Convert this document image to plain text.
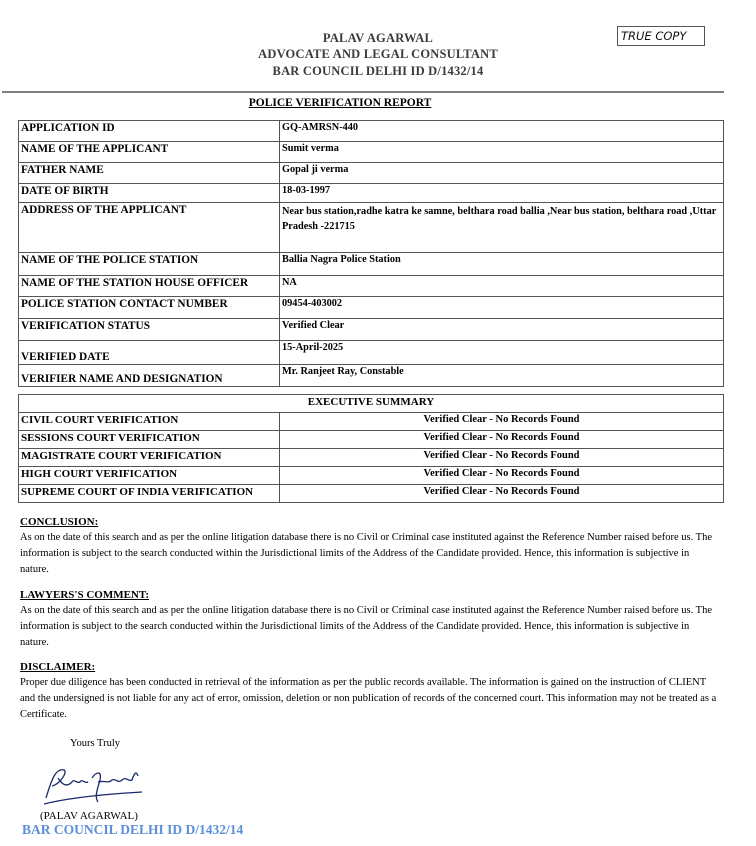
PALAV AGARWAL
ADVOCATE AND LEGAL CONSULTANT
BAR COUNCIL DELHI ID D/1432/14
TRUE COPY
POLICE VERIFICATION REPORT
APPLICATION ID	GQ-AMRSN-440
NAME OF THE APPLICANT	Sumit verma
FATHER NAME	Gopal ji verma
DATE OF BIRTH	18-03-1997
ADDRESS OF THE APPLICANT	Near bus station,radhe katra ke samne, belthara road ballia ,Near bus station, belthara road ,Uttar Pradesh -221715
NAME OF THE POLICE STATION	Ballia Nagra Police Station
NAME OF THE STATION HOUSE OFFICER	NA
POLICE STATION CONTACT NUMBER	09454-403002
VERIFICATION STATUS	Verified Clear
VERIFIED DATE	15-April-2025
VERIFIER NAME AND DESIGNATION	Mr. Ranjeet Ray, Constable
EXECUTIVE SUMMARY	
CIVIL COURT VERIFICATION	Verified Clear - No Records Found
SESSIONS COURT VERIFICATION	Verified Clear - No Records Found
MAGISTRATE COURT VERIFICATION	Verified Clear - No Records Found
HIGH COURT VERIFICATION	Verified Clear - No Records Found
SUPREME COURT OF INDIA VERIFICATION	Verified Clear - No Records Found
CONCLUSION:
As on the date of this search and as per the online litigation database there is no Civil or Criminal case instituted against the Reference Number raised before us. The information is subject to the search conducted within the Jurisdictional limits of the Address of the Candidate provided. Hence, this information is subjective in nature.
LAWYERS'S COMMENT:
As on the date of this search and as per the online litigation database there is no Civil or Criminal case instituted against the Reference Number raised before us. The information is subject to the search conducted within the Jurisdictional limits of the Address of the Candidate provided. Hence, this information is subjective in nature.
DISCLAIMER:
Proper due diligence has been conducted in retrieval of the information as per the public records available. The information is gained on the instruction of CLIENT and the undersigned is not liable for any act of error, omission, deletion or non publication of records of the concerned court. This information may not be treated as a Certificate.
Yours Truly
(PALAV AGARWAL)
BAR COUNCIL DELHI ID D/1432/14
